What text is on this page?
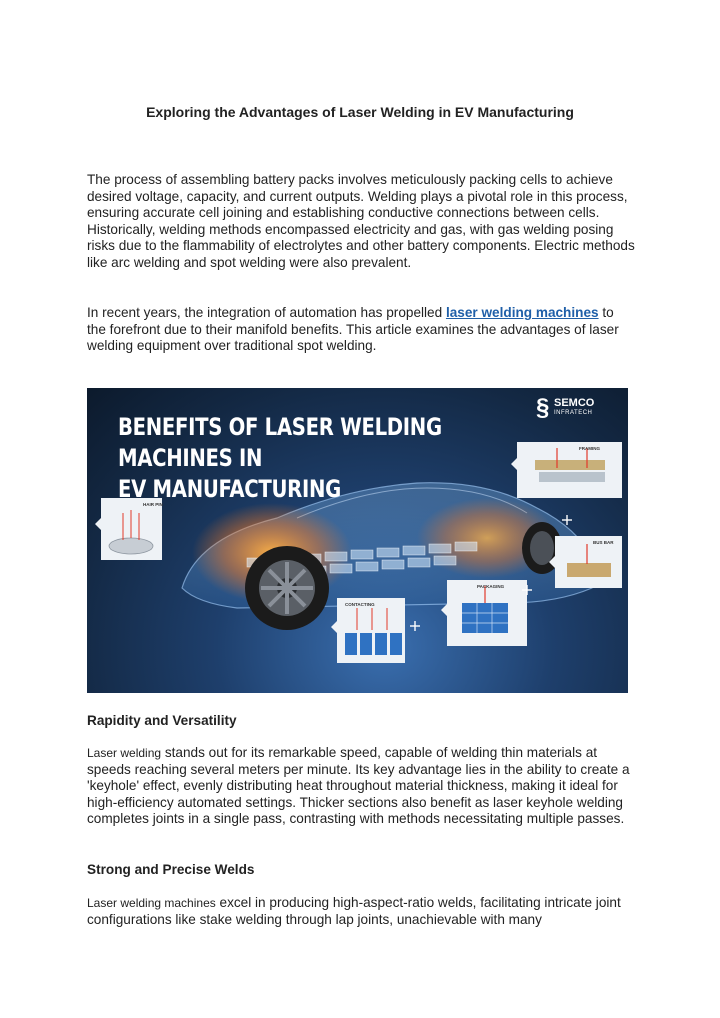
Exploring the Advantages of Laser Welding in EV Manufacturing

The process of assembling battery packs involves meticulously packing cells to achieve desired voltage, capacity, and current outputs. Welding plays a pivotal role in this process, ensuring accurate cell joining and establishing conductive connections between cells. Historically, welding methods encompassed electricity and gas, with gas welding posing risks due to the flammability of electrolytes and other battery components. Electric methods like arc welding and spot welding were also prevalent.

In recent years, the integration of automation has propelled laser welding machines to the forefront due to their manifold benefits. This article examines the advantages of laser welding equipment over traditional spot welding.

BENEFITS OF LASER WELDING MACHINES IN
EV MANUFACTURING
§ SEMCO
INFRATECH
FRAMING
HAIR PIN
BUS BAR
PACKAGING
CONTACTING
Rapidity and Versatility

Laser welding stands out for its remarkable speed, capable of welding thin materials at speeds reaching several meters per minute. Its key advantage lies in the ability to create a 'keyhole' effect, evenly distributing heat throughout material thickness, making it ideal for high-efficiency automated settings. Thicker sections also benefit as laser keyhole welding completes joints in a single pass, contrasting with methods necessitating multiple passes.

Strong and Precise Welds

Laser welding machines excel in producing high-aspect-ratio welds, facilitating intricate joint configurations like stake welding through lap joints, unachievable with many
